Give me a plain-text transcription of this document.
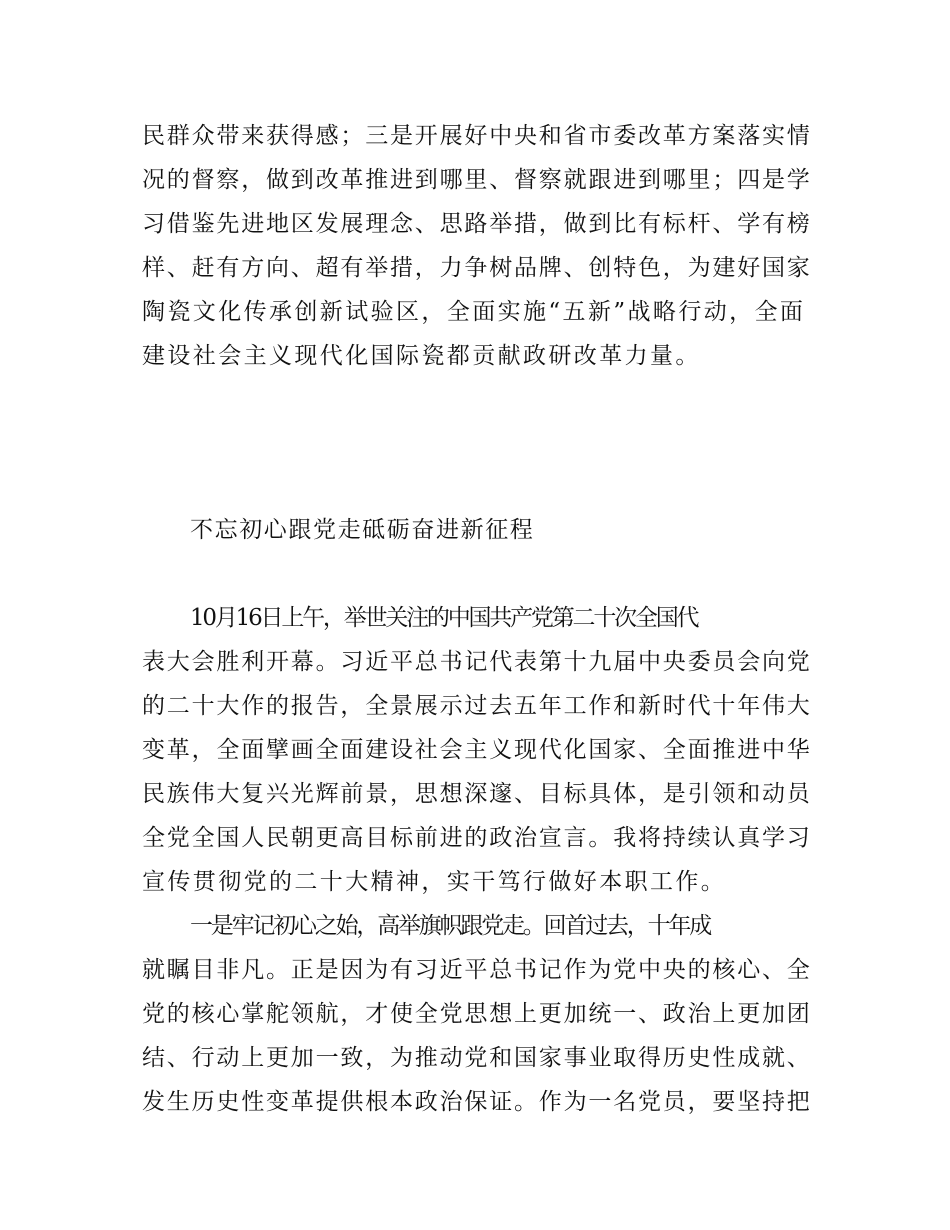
民群众带来获得感；三是开展好中央和省市委改革方案落实情
况的督察，做到改革推进到哪里、督察就跟进到哪里；四是学
习借鉴先进地区发展理念、思路举措，做到比有标杆、学有榜
样、赶有方向、超有举措，力争树品牌、创特色，为建好国家
陶瓷文化传承创新试验区，全面实施“五新”战略行动，全面
建设社会主义现代化国际瓷都贡献政研改革力量。
不忘初心跟党走砥砺奋进新征程
10月16日上午，举世关注的中国共产党第二十次全国代
表大会胜利开幕。习近平总书记代表第十九届中央委员会向党
的二十大作的报告，全景展示过去五年工作和新时代十年伟大
变革，全面擘画全面建设社会主义现代化国家、全面推进中华
民族伟大复兴光辉前景，思想深邃、目标具体，是引领和动员
全党全国人民朝更高目标前进的政治宣言。我将持续认真学习
宣传贯彻党的二十大精神，实干笃行做好本职工作。
一是牢记初心之始，高举旗帜跟党走。回首过去，十年成
就瞩目非凡。正是因为有习近平总书记作为党中央的核心、全
党的核心掌舵领航，才使全党思想上更加统一、政治上更加团
结、行动上更加一致，为推动党和国家事业取得历史性成就、
发生历史性变革提供根本政治保证。作为一名党员，要坚持把
